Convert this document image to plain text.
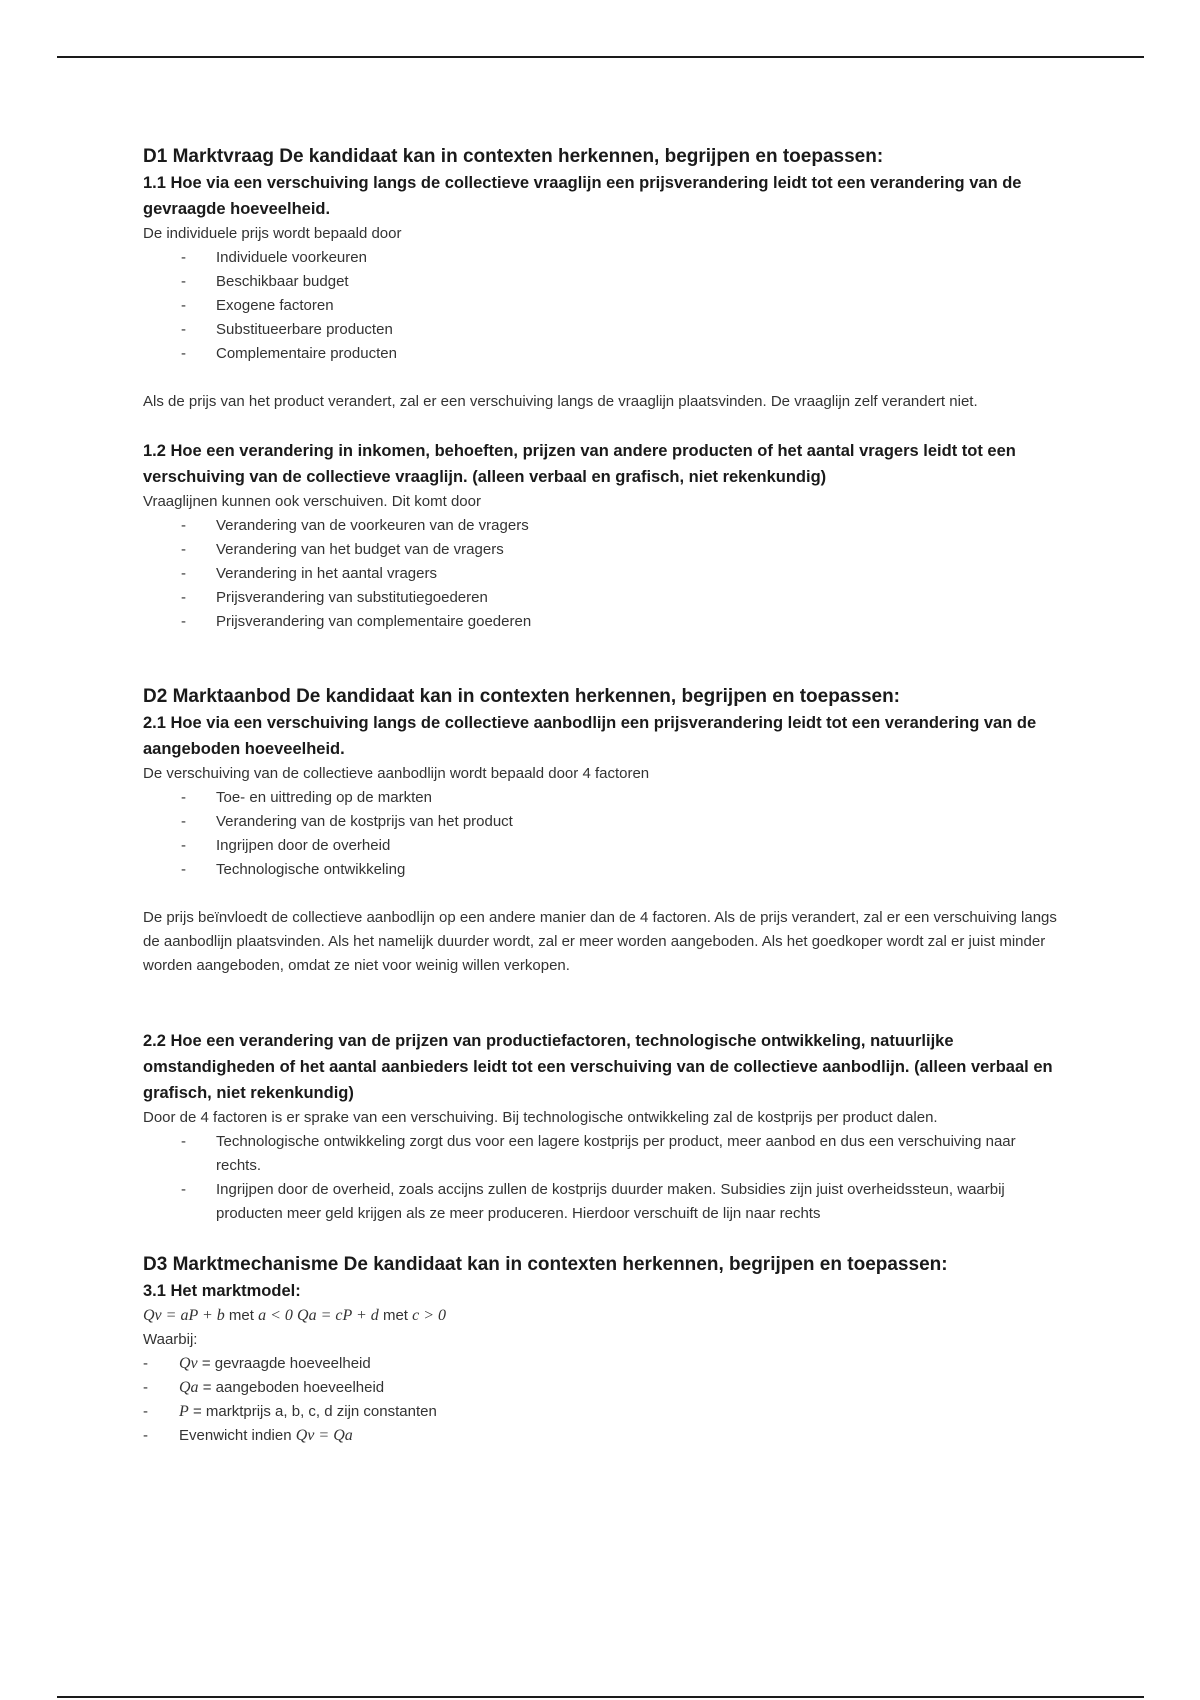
D1 Marktvraag De kandidaat kan in contexten herkennen, begrijpen en toepassen:
1.1 Hoe via een verschuiving langs de collectieve vraaglijn een prijsverandering leidt tot een verandering van de gevraagde hoeveelheid.

De individuele prijs wordt bepaald door

- Individuele voorkeuren
- Beschikbaar budget
- Exogene factoren
- Substitueerbare producten
- Complementaire producten

Als de prijs van het product verandert, zal er een verschuiving langs de vraaglijn plaatsvinden. De vraaglijn zelf verandert niet.

1.2 Hoe een verandering in inkomen, behoeften, prijzen van andere producten of het aantal vragers leidt tot een verschuiving van de collectieve vraaglijn. (alleen verbaal en grafisch, niet rekenkundig)

Vraaglijnen kunnen ook verschuiven. Dit komt door

- Verandering van de voorkeuren van de vragers
- Verandering van het budget van de vragers
- Verandering in het aantal vragers
- Prijsverandering van substitutiegoederen
- Prijsverandering van complementaire goederen
D2 Marktaanbod De kandidaat kan in contexten herkennen, begrijpen en toepassen:
2.1 Hoe via een verschuiving langs de collectieve aanbodlijn een prijsverandering leidt tot een verandering van de aangeboden hoeveelheid.

De verschuiving van de collectieve aanbodlijn wordt bepaald door 4 factoren

- Toe- en uittreding op de markten
- Verandering van de kostprijs van het product
- Ingrijpen door de overheid
- Technologische ontwikkeling

De prijs beïnvloedt de collectieve aanbodlijn op een andere manier dan de 4 factoren. Als de prijs verandert, zal er een verschuiving langs de aanbodlijn plaatsvinden. Als het namelijk duurder wordt, zal er meer worden aangeboden. Als het goedkoper wordt zal er juist minder worden aangeboden, omdat ze niet voor weinig willen verkopen.

2.2 Hoe een verandering van de prijzen van productiefactoren, technologische ontwikkeling, natuurlijke omstandigheden of het aantal aanbieders leidt tot een verschuiving van de collectieve aanbodlijn. (alleen verbaal en grafisch, niet rekenkundig)

Door de 4 factoren is er sprake van een verschuiving. Bij technologische ontwikkeling zal de kostprijs per product dalen.

- Technologische ontwikkeling zorgt dus voor een lagere kostprijs per product, meer aanbod en dus een verschuiving naar rechts.
- Ingrijpen door de overheid, zoals accijns zullen de kostprijs duurder maken. Subsidies zijn juist overheidssteun, waarbij producten meer geld krijgen als ze meer produceren. Hierdoor verschuift de lijn naar rechts
D3 Marktmechanisme De kandidaat kan in contexten herkennen, begrijpen en toepassen:
3.1 Het marktmodel:

Qv = aP + b met a < 0 Qa = cP + d met c > 0

Waarbij:

- Qv = gevraagde hoeveelheid
- Qa = aangeboden hoeveelheid
- P = marktprijs a, b, c, d zijn constanten
- Evenwicht indien Qv = Qa
